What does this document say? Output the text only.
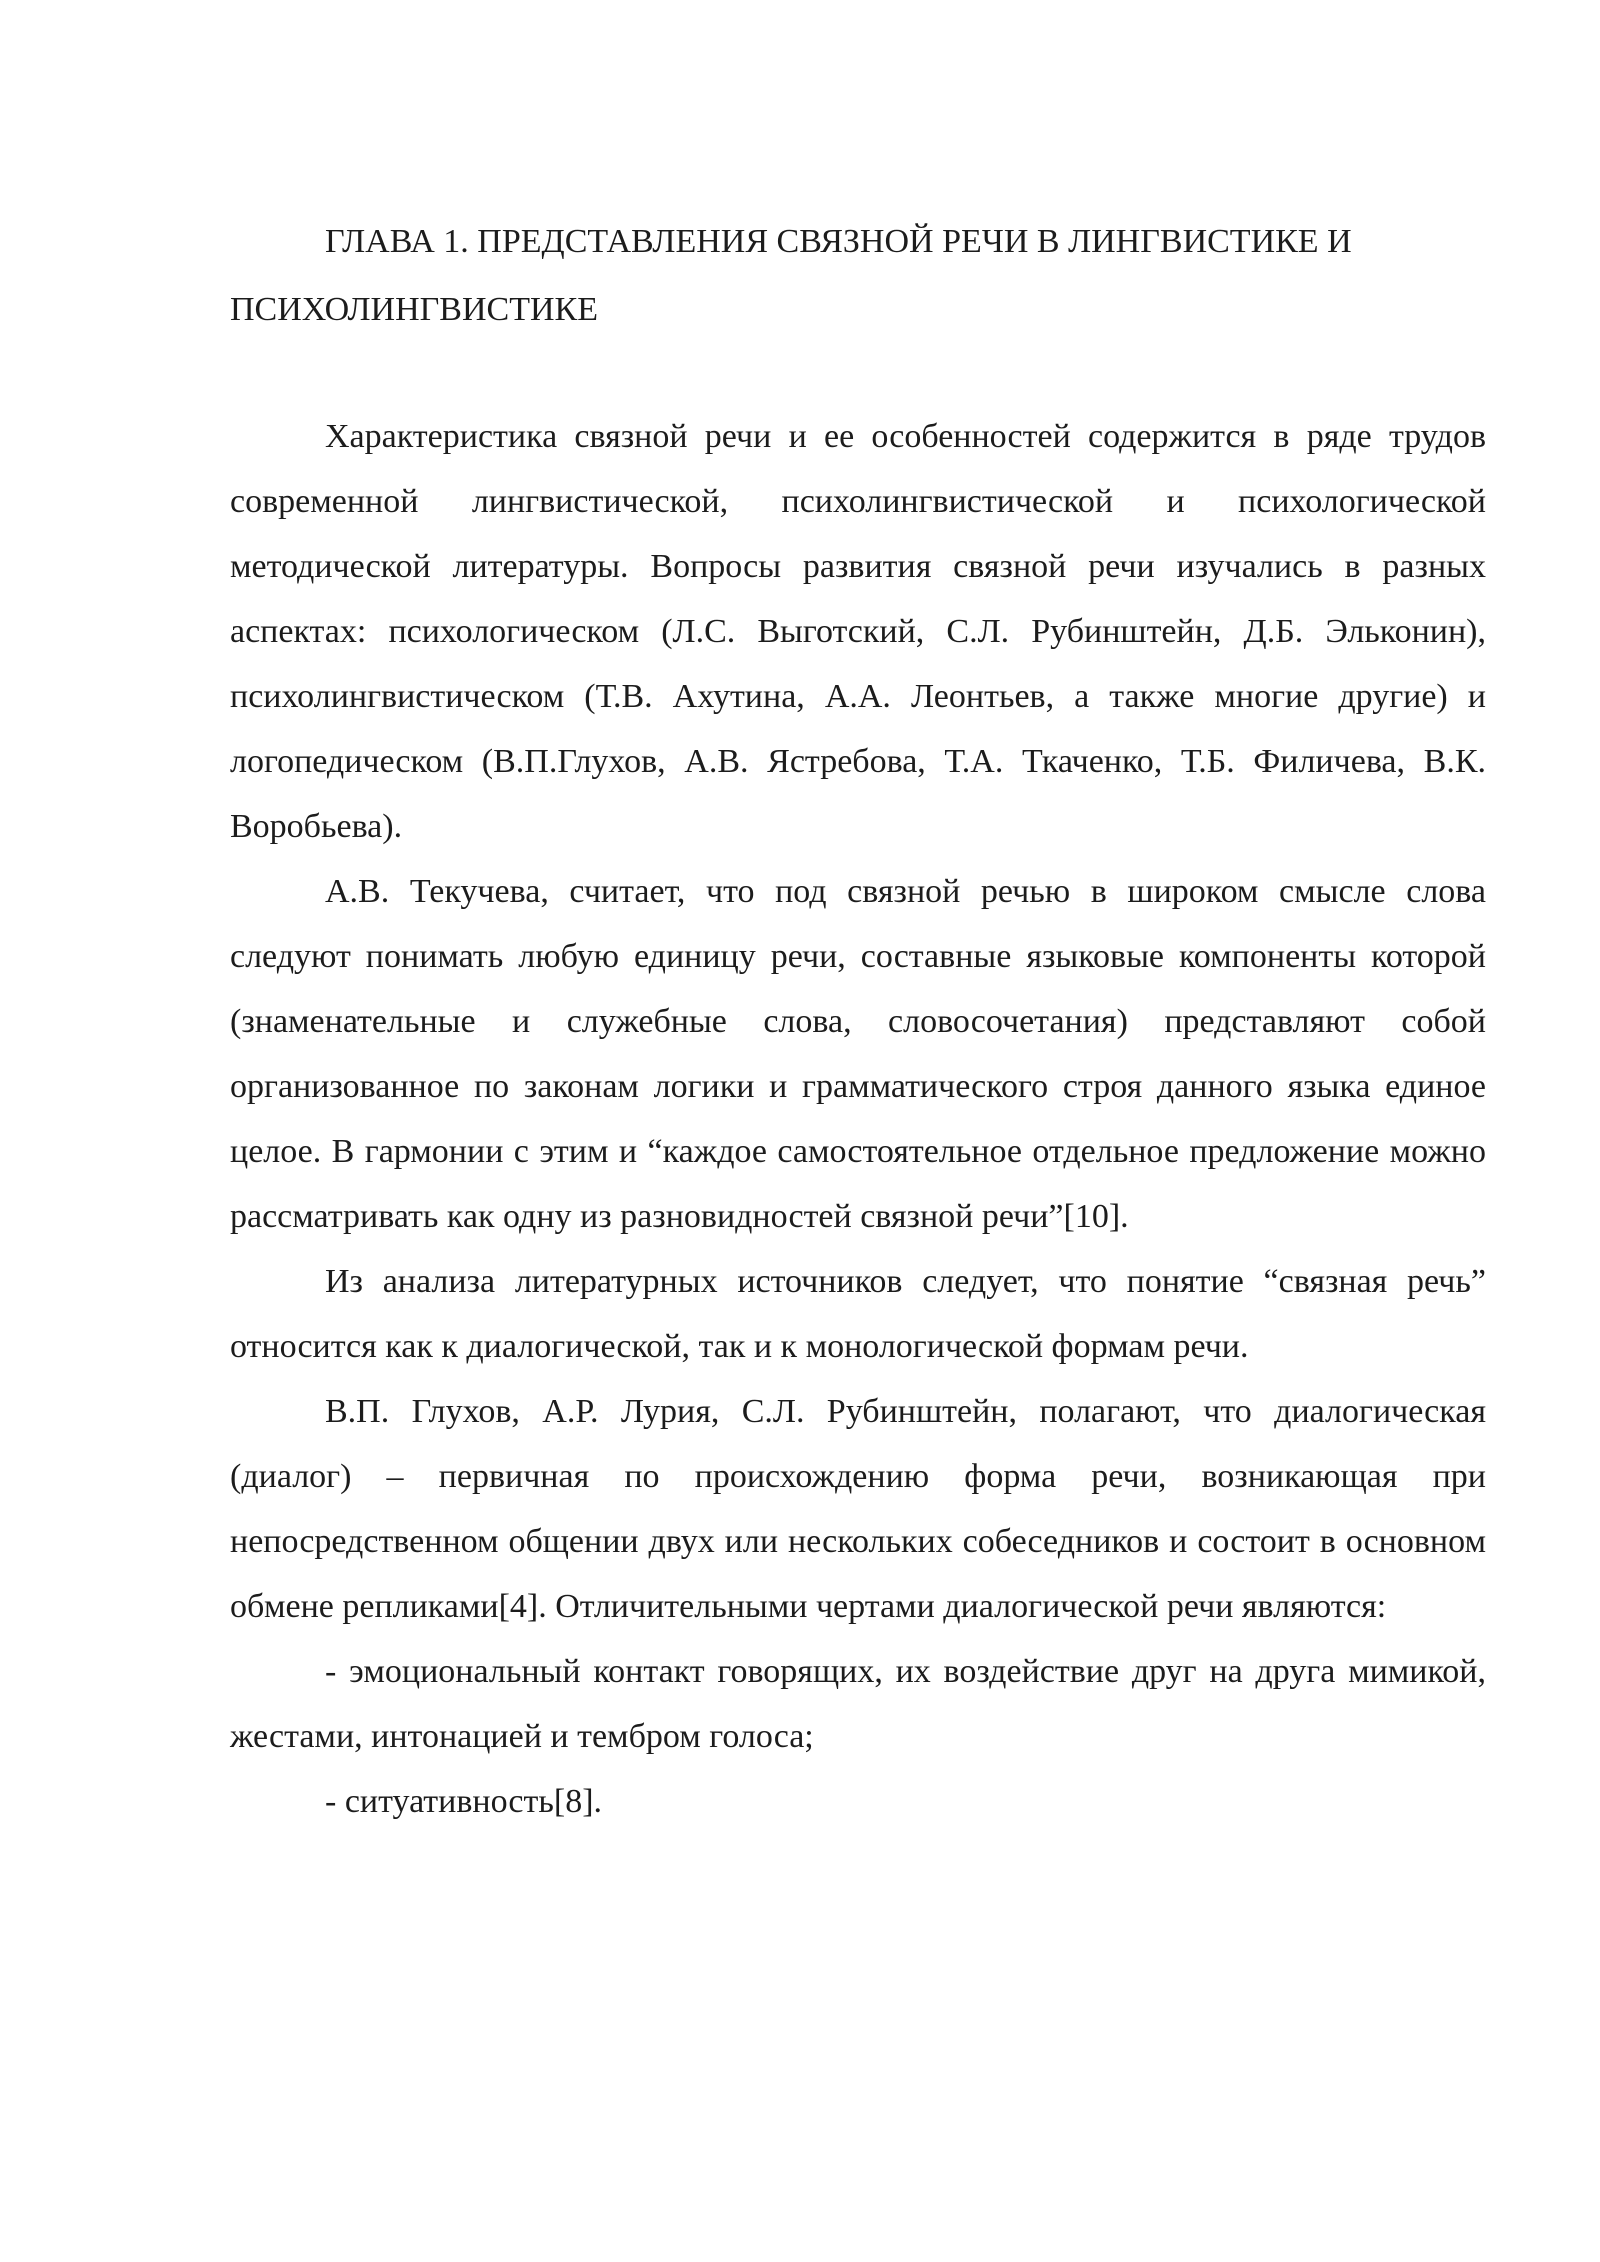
ГЛАВА 1. ПРЕДСТАВЛЕНИЯ СВЯЗНОЙ РЕЧИ В ЛИНГВИСТИКЕ И ПСИХОЛИНГВИСТИКЕ

Характеристика связной речи и ее особенностей содержится в ряде трудов современной лингвистической, психолингвистической и психологической методической литературы. Вопросы развития связной речи изучались в разных аспектах: психологическом (Л.С. Выготский, С.Л. Рубинштейн, Д.Б. Эльконин), психолингвистическом (Т.В. Ахутина, А.А. Леонтьев, а также многие другие) и логопедическом (В.П.Глухов, А.В. Ястребова, Т.А. Ткаченко, Т.Б. Филичева, В.К. Воробьева).

А.В. Текучева, считает, что под связной речью в широком смысле слова следуют понимать любую единицу речи, составные языковые компоненты которой (знаменательные и служебные слова, словосочетания) представляют собой организованное по законам логики и грамматического строя данного языка единое целое. В гармонии с этим и “каждое самостоятельное отдельное предложение можно рассматривать как одну из разновидностей связной речи”[10].

Из анализа литературных источников следует, что понятие “связная речь” относится как к диалогической, так и к монологической формам речи.

В.П. Глухов, А.Р. Лурия, С.Л. Рубинштейн, полагают, что диалогическая (диалог) – первичная по происхождению форма речи, возникающая при непосредственном общении двух или нескольких собеседников и состоит в основном обмене репликами[4]. Отличительными чертами диалогической речи являются:

- эмоциональный контакт говорящих, их воздействие друг на друга мимикой, жестами, интонацией и тембром голоса;

- ситуативность[8].
